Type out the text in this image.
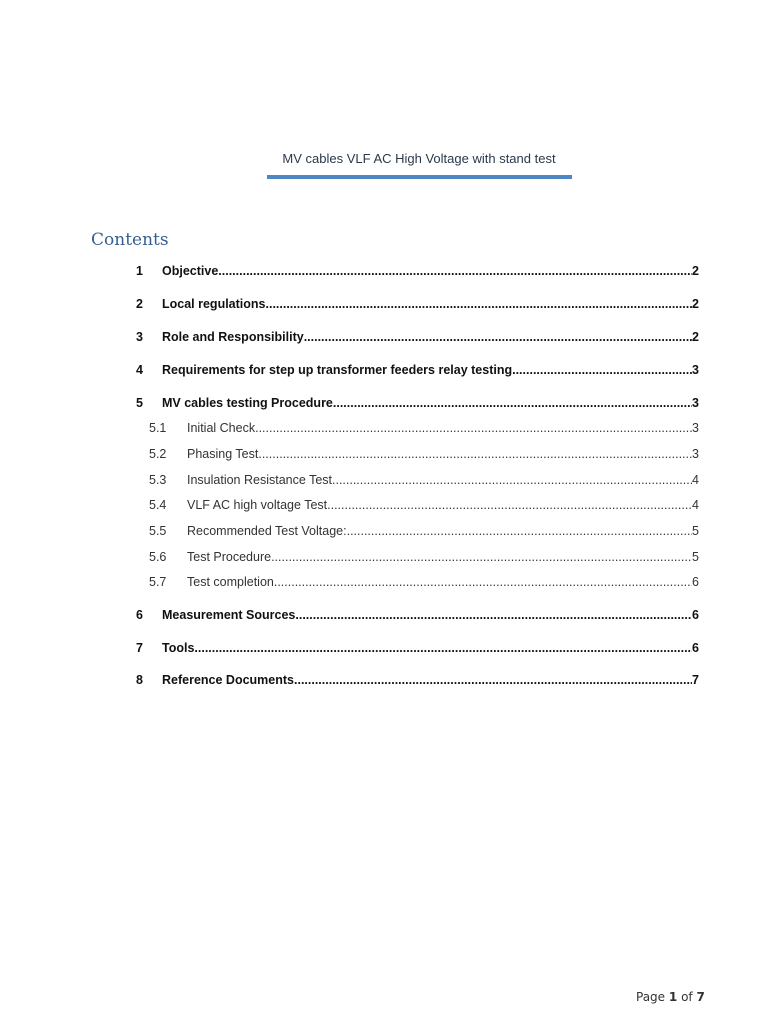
MV cables VLF AC High Voltage with stand test
Contents
1 Objective .....	2
2 Local regulations .....	2
3 Role and Responsibility .....	2
4 Requirements for step up transformer feeders relay testing .....	3
5 MV cables testing Procedure .....	3
5.1 Initial Check .....	3
5.2 Phasing Test .....	3
5.3 Insulation Resistance Test .....	4
5.4 VLF AC high voltage Test .....	4
5.5 Recommended Test Voltage: .....	5
5.6 Test Procedure .....	5
5.7 Test completion .....	6
6 Measurement Sources .....	6
7 Tools .....	6
8 Reference Documents .....	7
Page 1 of 7
